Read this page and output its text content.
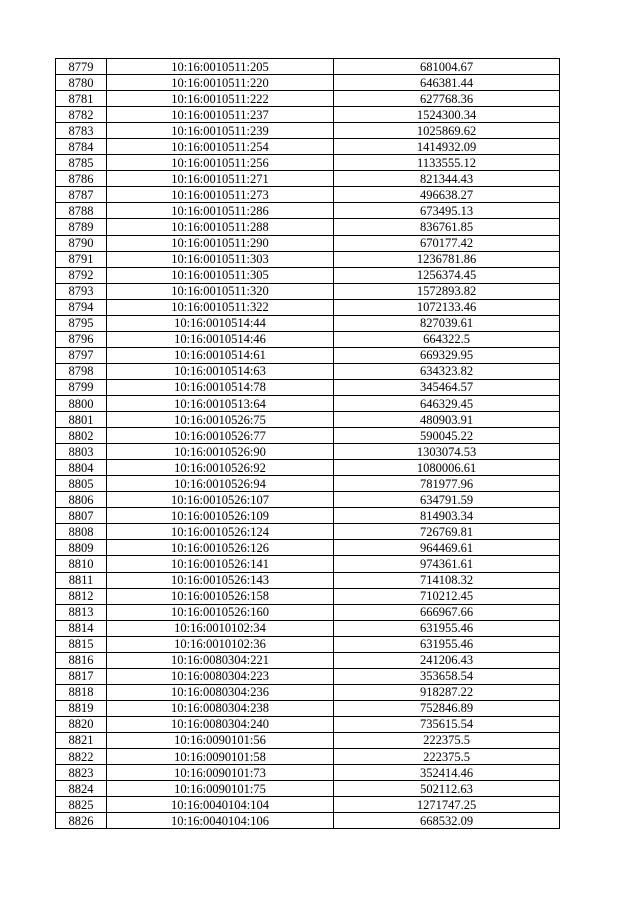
8779	10:16:0010511:205	681004.67
8780	10:16:0010511:220	646381.44
8781	10:16:0010511:222	627768.36
8782	10:16:0010511:237	1524300.34
8783	10:16:0010511:239	1025869.62
8784	10:16:0010511:254	1414932.09
8785	10:16:0010511:256	1133555.12
8786	10:16:0010511:271	821344.43
8787	10:16:0010511:273	496638.27
8788	10:16:0010511:286	673495.13
8789	10:16:0010511:288	836761.85
8790	10:16:0010511:290	670177.42
8791	10:16:0010511:303	1236781.86
8792	10:16:0010511:305	1256374.45
8793	10:16:0010511:320	1572893.82
8794	10:16:0010511:322	1072133.46
8795	10:16:0010514:44	827039.61
8796	10:16:0010514:46	664322.5
8797	10:16:0010514:61	669329.95
8798	10:16:0010514:63	634323.82
8799	10:16:0010514:78	345464.57
8800	10:16:0010513:64	646329.45
8801	10:16:0010526:75	480903.91
8802	10:16:0010526:77	590045.22
8803	10:16:0010526:90	1303074.53
8804	10:16:0010526:92	1080006.61
8805	10:16:0010526:94	781977.96
8806	10:16:0010526:107	634791.59
8807	10:16:0010526:109	814903.34
8808	10:16:0010526:124	726769.81
8809	10:16:0010526:126	964469.61
8810	10:16:0010526:141	974361.61
8811	10:16:0010526:143	714108.32
8812	10:16:0010526:158	710212.45
8813	10:16:0010526:160	666967.66
8814	10:16:0010102:34	631955.46
8815	10:16:0010102:36	631955.46
8816	10:16:0080304:221	241206.43
8817	10:16:0080304:223	353658.54
8818	10:16:0080304:236	918287.22
8819	10:16:0080304:238	752846.89
8820	10:16:0080304:240	735615.54
8821	10:16:0090101:56	222375.5
8822	10:16:0090101:58	222375.5
8823	10:16:0090101:73	352414.46
8824	10:16:0090101:75	502112.63
8825	10:16:0040104:104	1271747.25
8826	10:16:0040104:106	668532.09
